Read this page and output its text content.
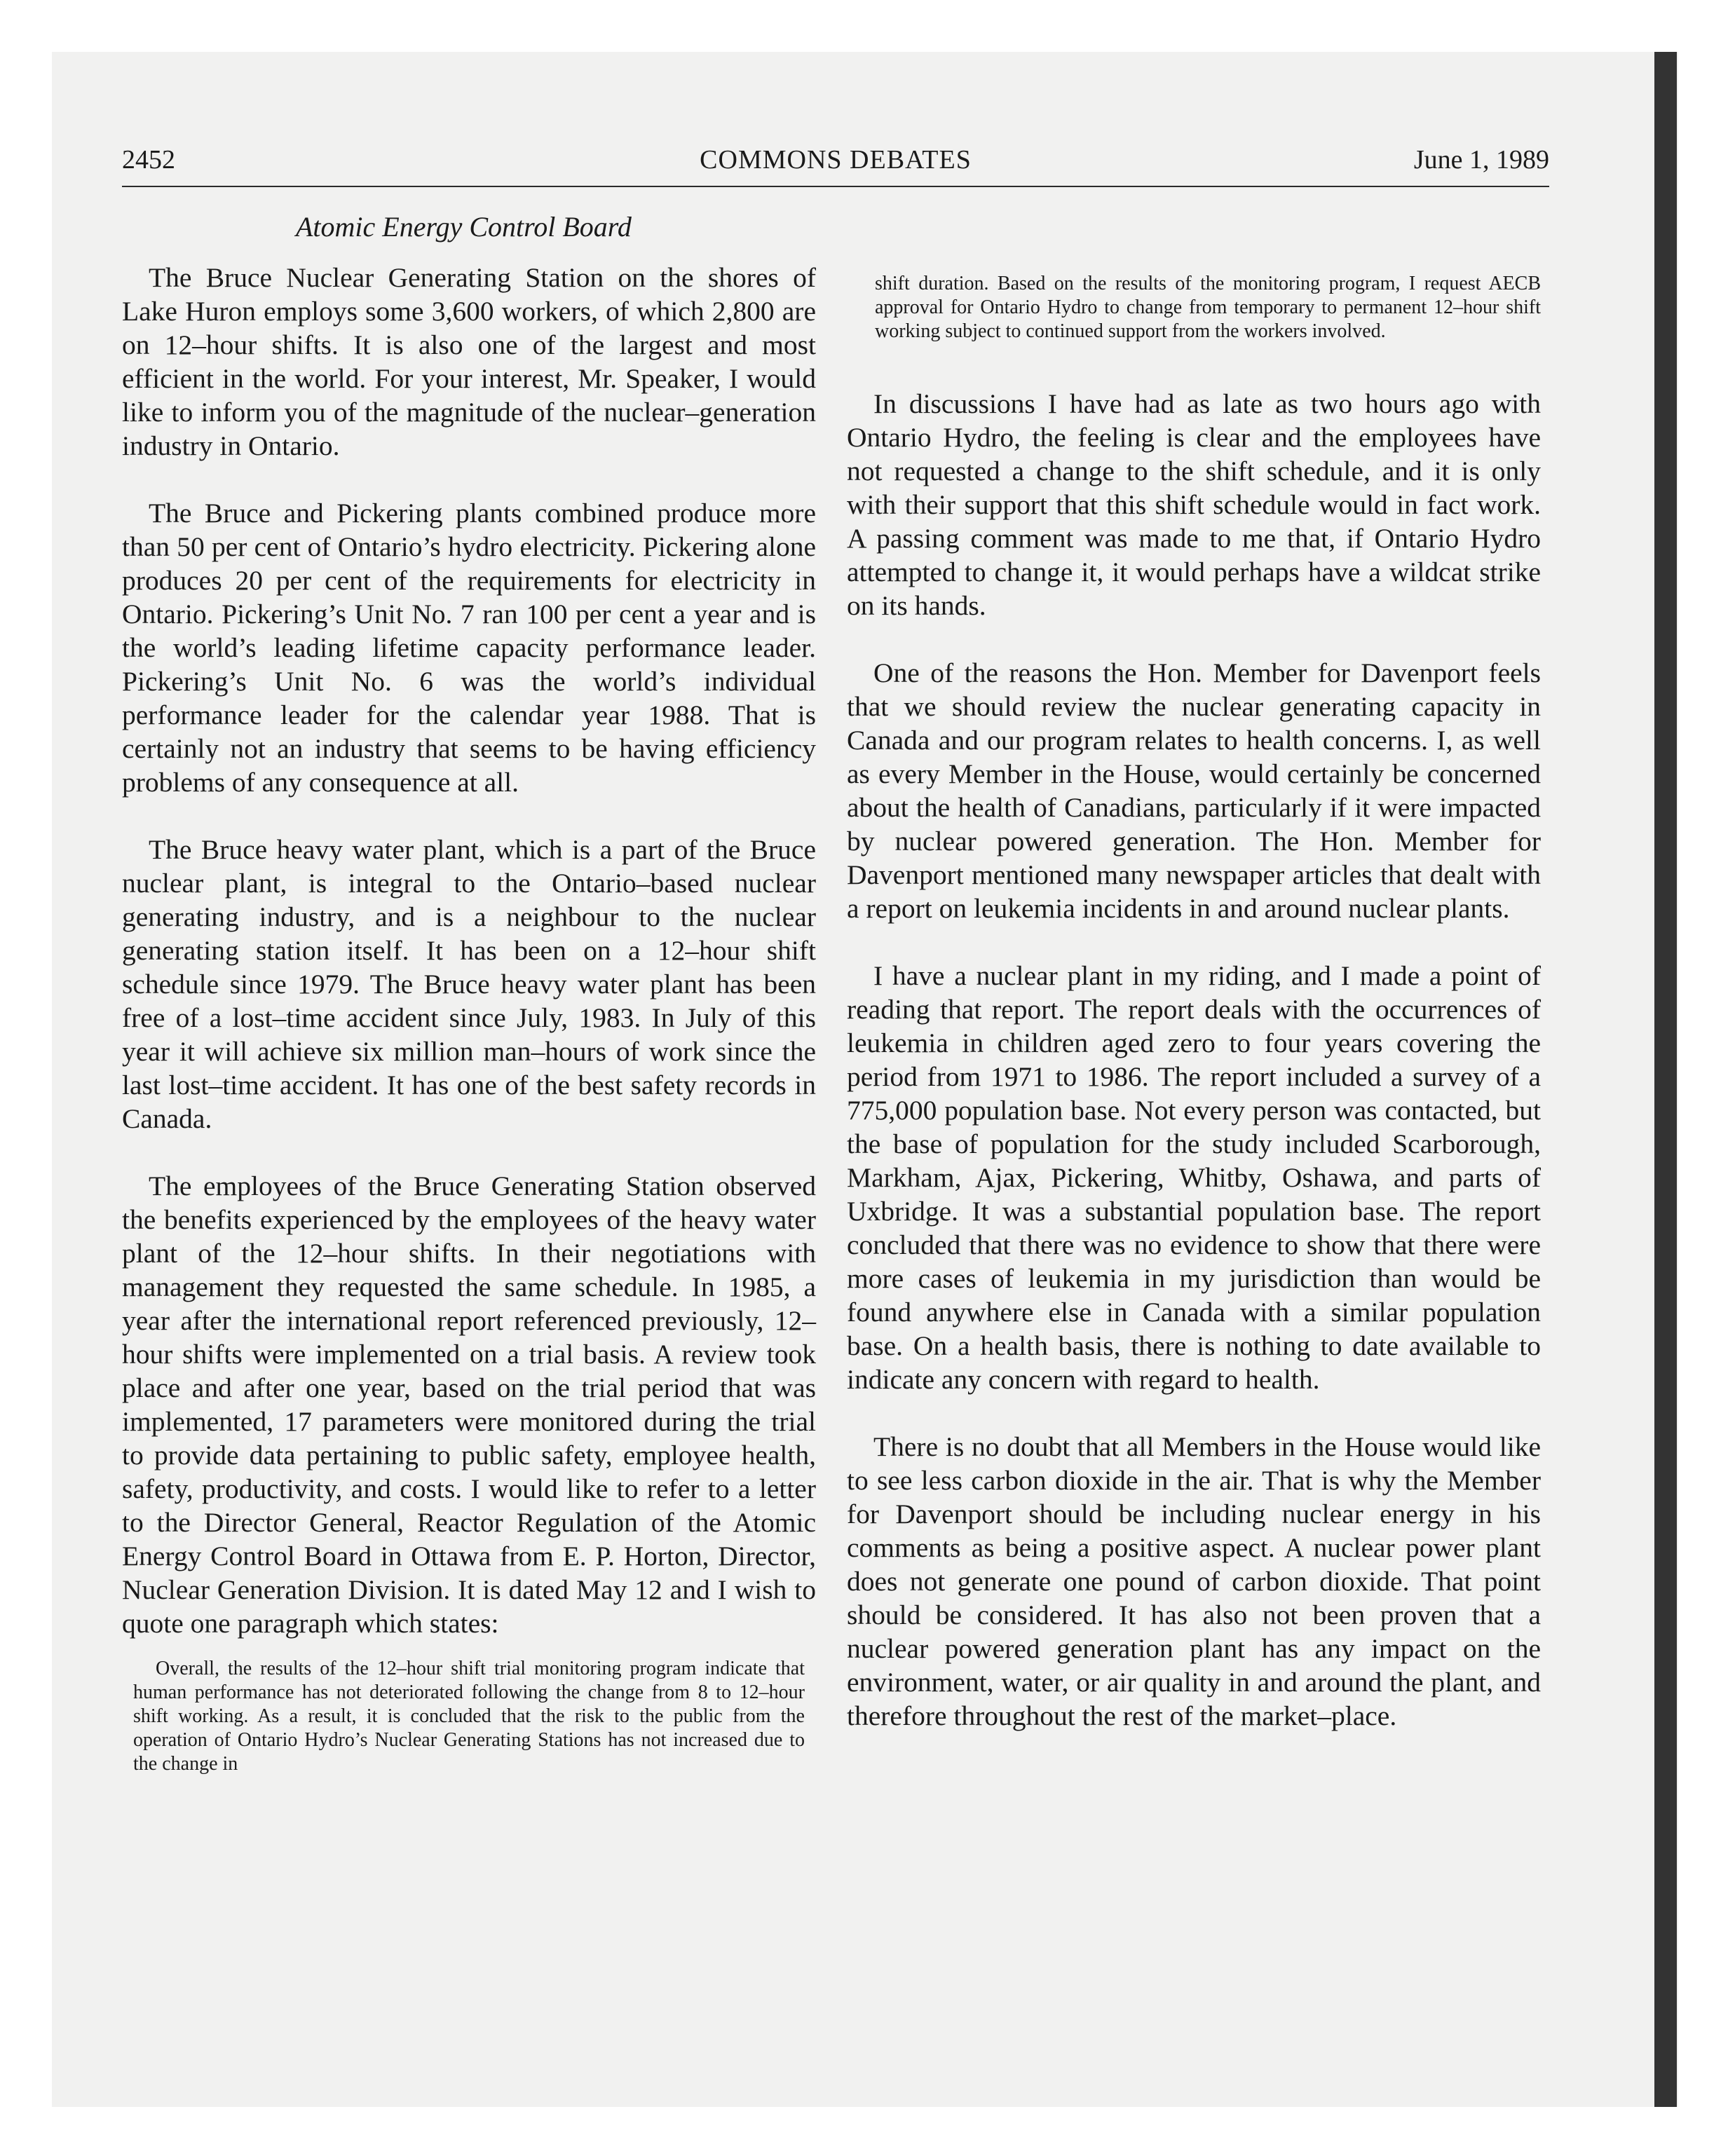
2452	COMMONS DEBATES	June 1, 1989
Atomic Energy Control Board

The Bruce Nuclear Generating Station on the shores of Lake Huron employs some 3,600 workers, of which 2,800 are on 12–hour shifts. It is also one of the largest and most efficient in the world. For your interest, Mr. Speaker, I would like to inform you of the magnitude of the nuclear–generation industry in Ontario.

The Bruce and Pickering plants combined produce more than 50 per cent of Ontario’s hydro electricity. Pickering alone produces 20 per cent of the requirements for electricity in Ontario. Pickering’s Unit No. 7 ran 100 per cent a year and is the world’s leading lifetime capacity performance leader. Pickering’s Unit No. 6 was the world’s individual performance leader for the calendar year 1988. That is certainly not an industry that seems to be having efficiency problems of any consequence at all.

The Bruce heavy water plant, which is a part of the Bruce nuclear plant, is integral to the Ontario–based nuclear generating industry, and is a neighbour to the nuclear generating station itself. It has been on a 12–hour shift schedule since 1979. The Bruce heavy water plant has been free of a lost–time accident since July, 1983. In July of this year it will achieve six million man–hours of work since the last lost–time accident. It has one of the best safety records in Canada.

The employees of the Bruce Generating Station observed the benefits experienced by the employees of the heavy water plant of the 12–hour shifts. In their negotiations with management they requested the same schedule. In 1985, a year after the international report referenced previously, 12–hour shifts were implemented on a trial basis. A review took place and after one year, based on the trial period that was implemented, 17 parameters were monitored during the trial to provide data pertaining to public safety, employee health, safety, productivity, and costs. I would like to refer to a letter to the Director General, Reactor Regulation of the Atomic Energy Control Board in Ottawa from E. P. Horton, Director, Nuclear Generation Division. It is dated May 12 and I wish to quote one paragraph which states:

Overall, the results of the 12–hour shift trial monitoring program indicate that human performance has not deteriorated following the change from 8 to 12–hour shift working. As a result, it is concluded that the risk to the public from the operation of Ontario Hydro’s Nuclear Generating Stations has not increased due to the change in

shift duration. Based on the results of the monitoring program, I request AECB approval for Ontario Hydro to change from temporary to permanent 12–hour shift working subject to continued support from the workers involved.

In discussions I have had as late as two hours ago with Ontario Hydro, the feeling is clear and the employees have not requested a change to the shift schedule, and it is only with their support that this shift schedule would in fact work. A passing comment was made to me that, if Ontario Hydro attempted to change it, it would perhaps have a wildcat strike on its hands.

One of the reasons the Hon. Member for Davenport feels that we should review the nuclear generating capacity in Canada and our program relates to health concerns. I, as well as every Member in the House, would certainly be concerned about the health of Canadians, particularly if it were impacted by nuclear powered generation. The Hon. Member for Davenport mentioned many newspaper articles that dealt with a report on leukemia incidents in and around nuclear plants.

I have a nuclear plant in my riding, and I made a point of reading that report. The report deals with the occurrences of leukemia in children aged zero to four years covering the period from 1971 to 1986. The report included a survey of a 775,000 population base. Not every person was contacted, but the base of population for the study included Scarborough, Markham, Ajax, Pickering, Whitby, Oshawa, and parts of Uxbridge. It was a substantial population base. The report concluded that there was no evidence to show that there were more cases of leukemia in my jurisdiction than would be found anywhere else in Canada with a similar population base. On a health basis, there is nothing to date available to indicate any concern with regard to health.

There is no doubt that all Members in the House would like to see less carbon dioxide in the air. That is why the Member for Davenport should be including nuclear energy in his comments as being a positive aspect. A nuclear power plant does not generate one pound of carbon dioxide. That point should be considered. It has also not been proven that a nuclear powered generation plant has any impact on the environment, water, or air quality in and around the plant, and therefore throughout the rest of the market–place.
